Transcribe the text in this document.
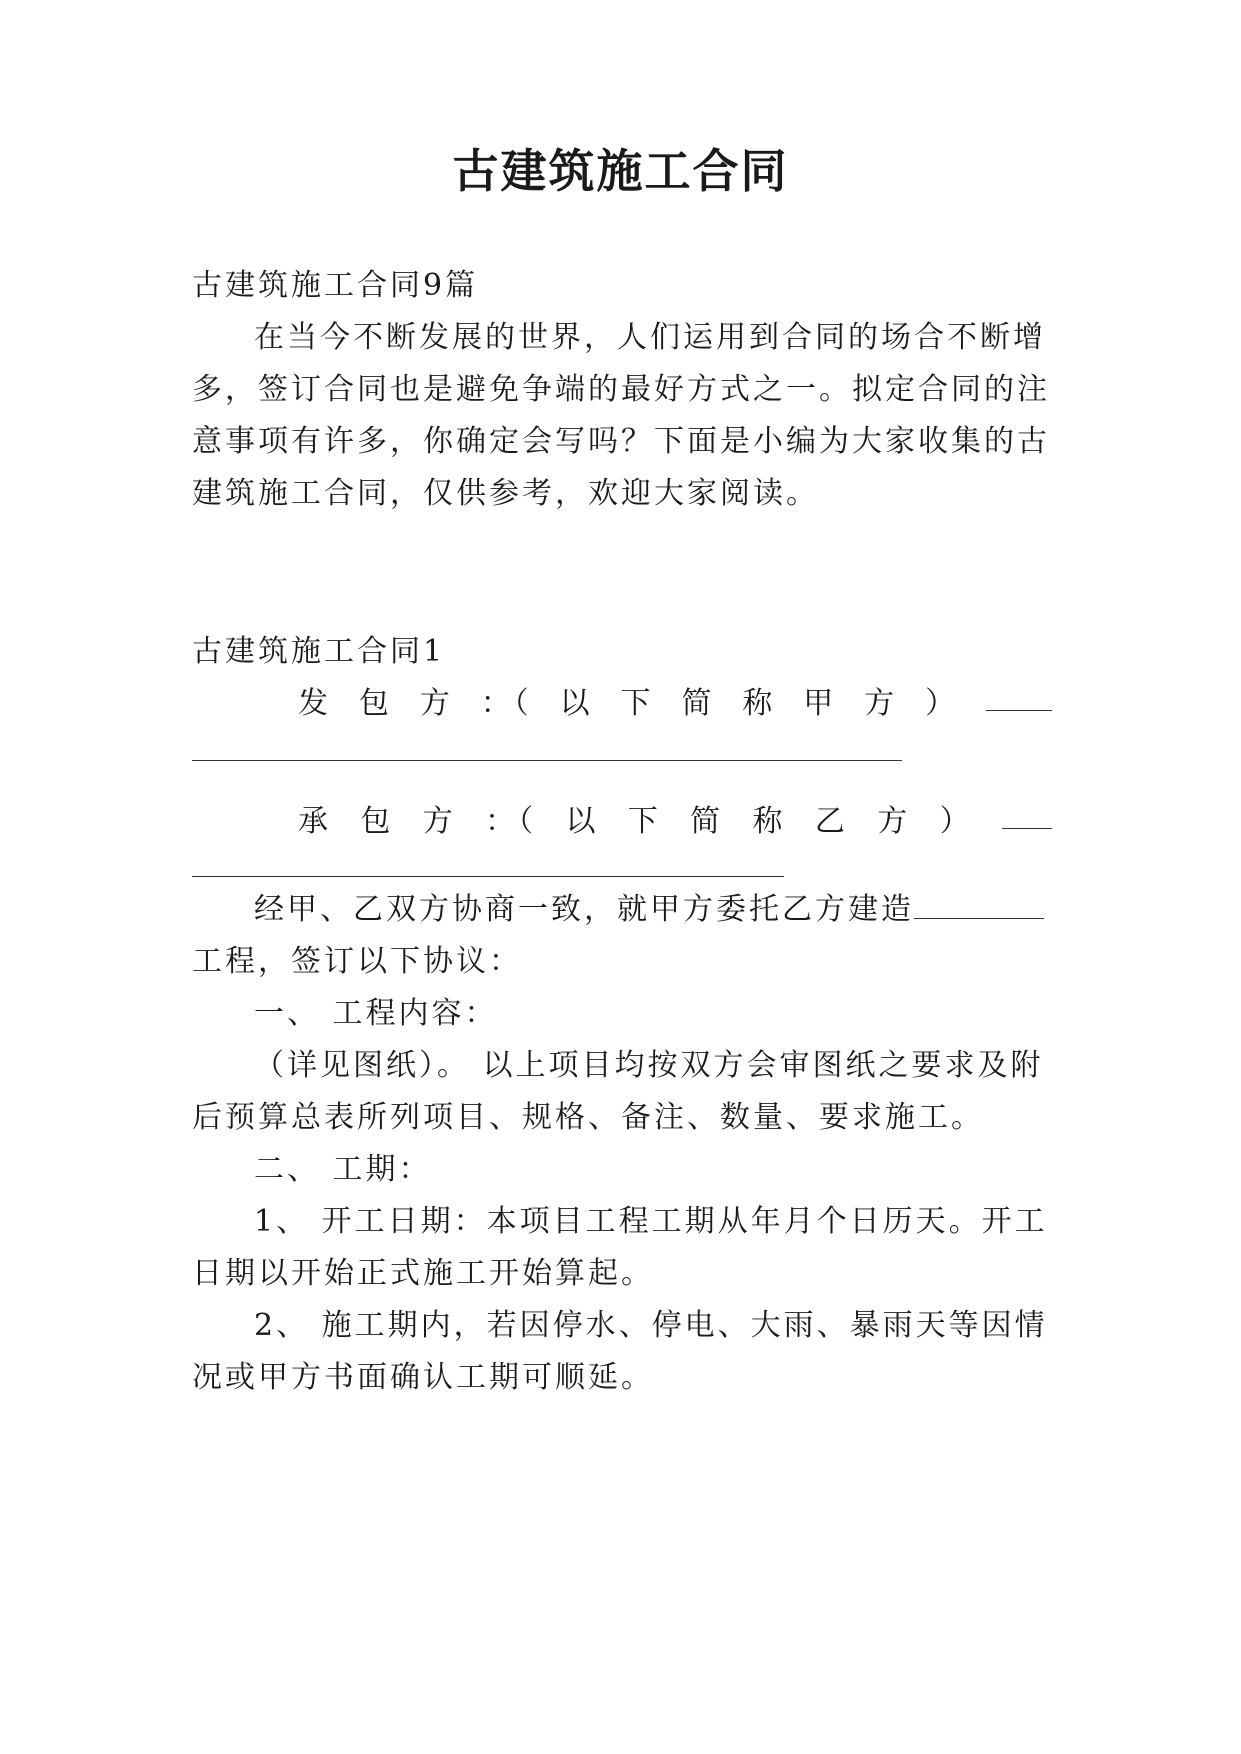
古建筑施工合同
古建筑施工合同9篇
在当今不断发展的世界，人们运用到合同的场合不断增
多，签订合同也是避免争端的最好方式之一。拟定合同的注
意事项有许多，你确定会写吗？下面是小编为大家收集的古
建筑施工合同，仅供参考，欢迎大家阅读。
古建筑施工合同1
发 包 方 ：（ 以 下 简 称 甲 方 ）
承 包 方 ：（ 以 下 简 称 乙 方 ）
经甲、乙双方协商一致，就甲方委托乙方建造
工程，签订以下协议：
一、 工程内容：
（详见图纸）。 以上项目均按双方会审图纸之要求及附
后预算总表所列项目、规格、备注、数量、要求施工。
二、 工期：
1、 开工日期：本项目工程工期从年月个日历天。开工
日期以开始正式施工开始算起。
2、 施工期内，若因停水、停电、大雨、暴雨天等因情
况或甲方书面确认工期可顺延。
